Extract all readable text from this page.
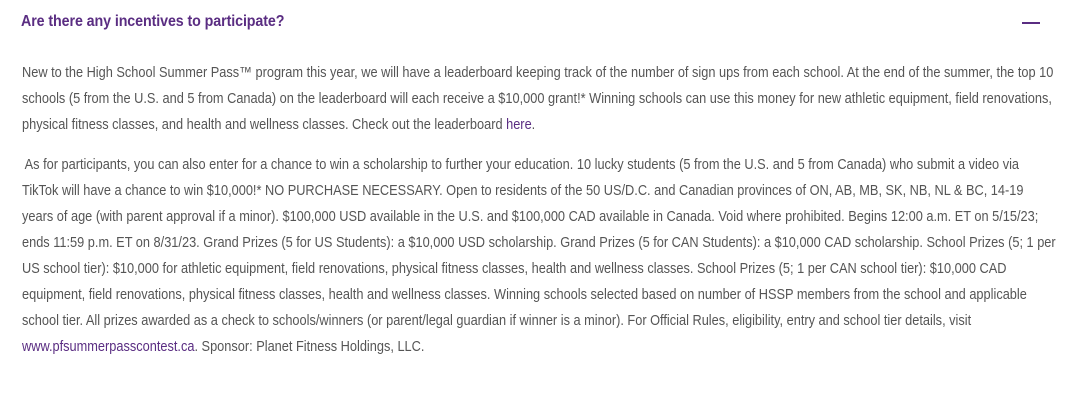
Are there any incentives to participate?

New to the High School Summer Pass™ program this year, we will have a leaderboard keeping track of the number of sign ups from each school. At the end of the summer, the top 10 schools (5 from the U.S. and 5 from Canada) on the leaderboard will each receive a $10,000 grant!* Winning schools can use this money for new athletic equipment, field renovations, physical fitness classes, and health and wellness classes. Check out the leaderboard here.

As for participants, you can also enter for a chance to win a scholarship to further your education. 10 lucky students (5 from the U.S. and 5 from Canada) who submit a video via TikTok will have a chance to win $10,000!* NO PURCHASE NECESSARY. Open to residents of the 50 US/D.C. and Canadian provinces of ON, AB, MB, SK, NB, NL & BC, 14-19 years of age (with parent approval if a minor). $100,000 USD available in the U.S. and $100,000 CAD available in Canada. Void where prohibited. Begins 12:00 a.m. ET on 5/15/23; ends 11:59 p.m. ET on 8/31/23. Grand Prizes (5 for US Students): a $10,000 USD scholarship. Grand Prizes (5 for CAN Students): a $10,000 CAD scholarship. School Prizes (5; 1 per US school tier): $10,000 for athletic equipment, field renovations, physical fitness classes, health and wellness classes. School Prizes (5; 1 per CAN school tier): $10,000 CAD equipment, field renovations, physical fitness classes, health and wellness classes. Winning schools selected based on number of HSSP members from the school and applicable school tier. All prizes awarded as a check to schools/winners (or parent/legal guardian if winner is a minor). For Official Rules, eligibility, entry and school tier details, visit www.pfsummerpasscontest.ca. Sponsor: Planet Fitness Holdings, LLC.
